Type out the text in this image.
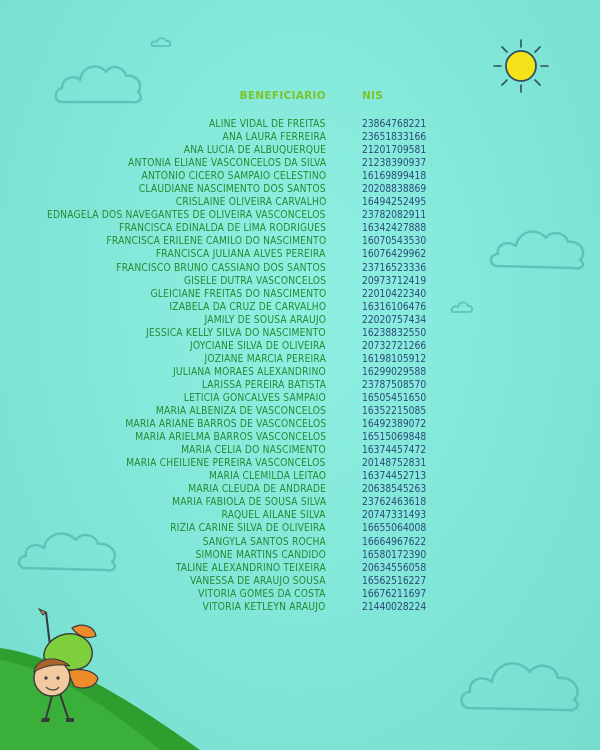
BENEFICIARIO	NIS
ALINE VIDAL DE FREITAS	23864768221
ANA LAURA FERREIRA	23651833166
ANA LUCIA DE ALBUQUERQUE	21201709581
ANTONIA ELIANE VASCONCELOS DA SILVA	21238390937
ANTONIO CICERO SAMPAIO CELESTINO	16169899418
CLAUDIANE NASCIMENTO DOS SANTOS	20208838869
CRISLAINE OLIVEIRA CARVALHO	16494252495
EDNAGELA DOS NAVEGANTES DE OLIVEIRA VASCONCELOS	23782082911
FRANCISCA EDINALDA DE LIMA RODRIGUES	16342427888
FRANCISCA ERILENE CAMILO DO NASCIMENTO	16070543530
FRANCISCA JULIANA ALVES PEREIRA	16076429962
FRANCISCO BRUNO CASSIANO DOS SANTOS	23716523336
GISELE DUTRA VASCONCELOS	20973712419
GLEICIANE FREITAS DO NASCIMENTO	22010422340
IZABELA DA CRUZ DE CARVALHO	16316106476
JAMILY DE SOUSA ARAUJO	22020757434
JESSICA KELLY SILVA DO NASCIMENTO	16238832550
JOYCIANE SILVA DE OLIVEIRA	20732721266
JOZIANE MARCIA PEREIRA	16198105912
JULIANA MORAES ALEXANDRINO	16299029588
LARISSA PEREIRA BATISTA	23787508570
LETICIA GONCALVES SAMPAIO	16505451650
MARIA ALBENIZA DE VASCONCELOS	16352215085
MARIA ARIANE BARROS DE VASCONCELOS	16492389072
MARIA ARIELMA BARROS VASCONCELOS	16515069848
MARIA CELIA DO NASCIMENTO	16374457472
MARIA CHEILIENE PEREIRA VASCONCELOS	20148752831
MARIA CLEMILDA LEITAO	16374452713
MARIA CLEUDA DE ANDRADE	20638545263
MARIA FABIOLA DE SOUSA SILVA	23762463618
RAQUEL AILANE SILVA	20747331493
RIZIA CARINE SILVA DE OLIVEIRA	16655064008
SANGYLA SANTOS ROCHA	16664967622
SIMONE MARTINS CANDIDO	16580172390
TALINE ALEXANDRINO TEIXEIRA	20634556058
VANESSA DE ARAUJO SOUSA	16562516227
VITORIA GOMES DA COSTA	16676211697
VITORIA KETLEYN ARAUJO	21440028224
